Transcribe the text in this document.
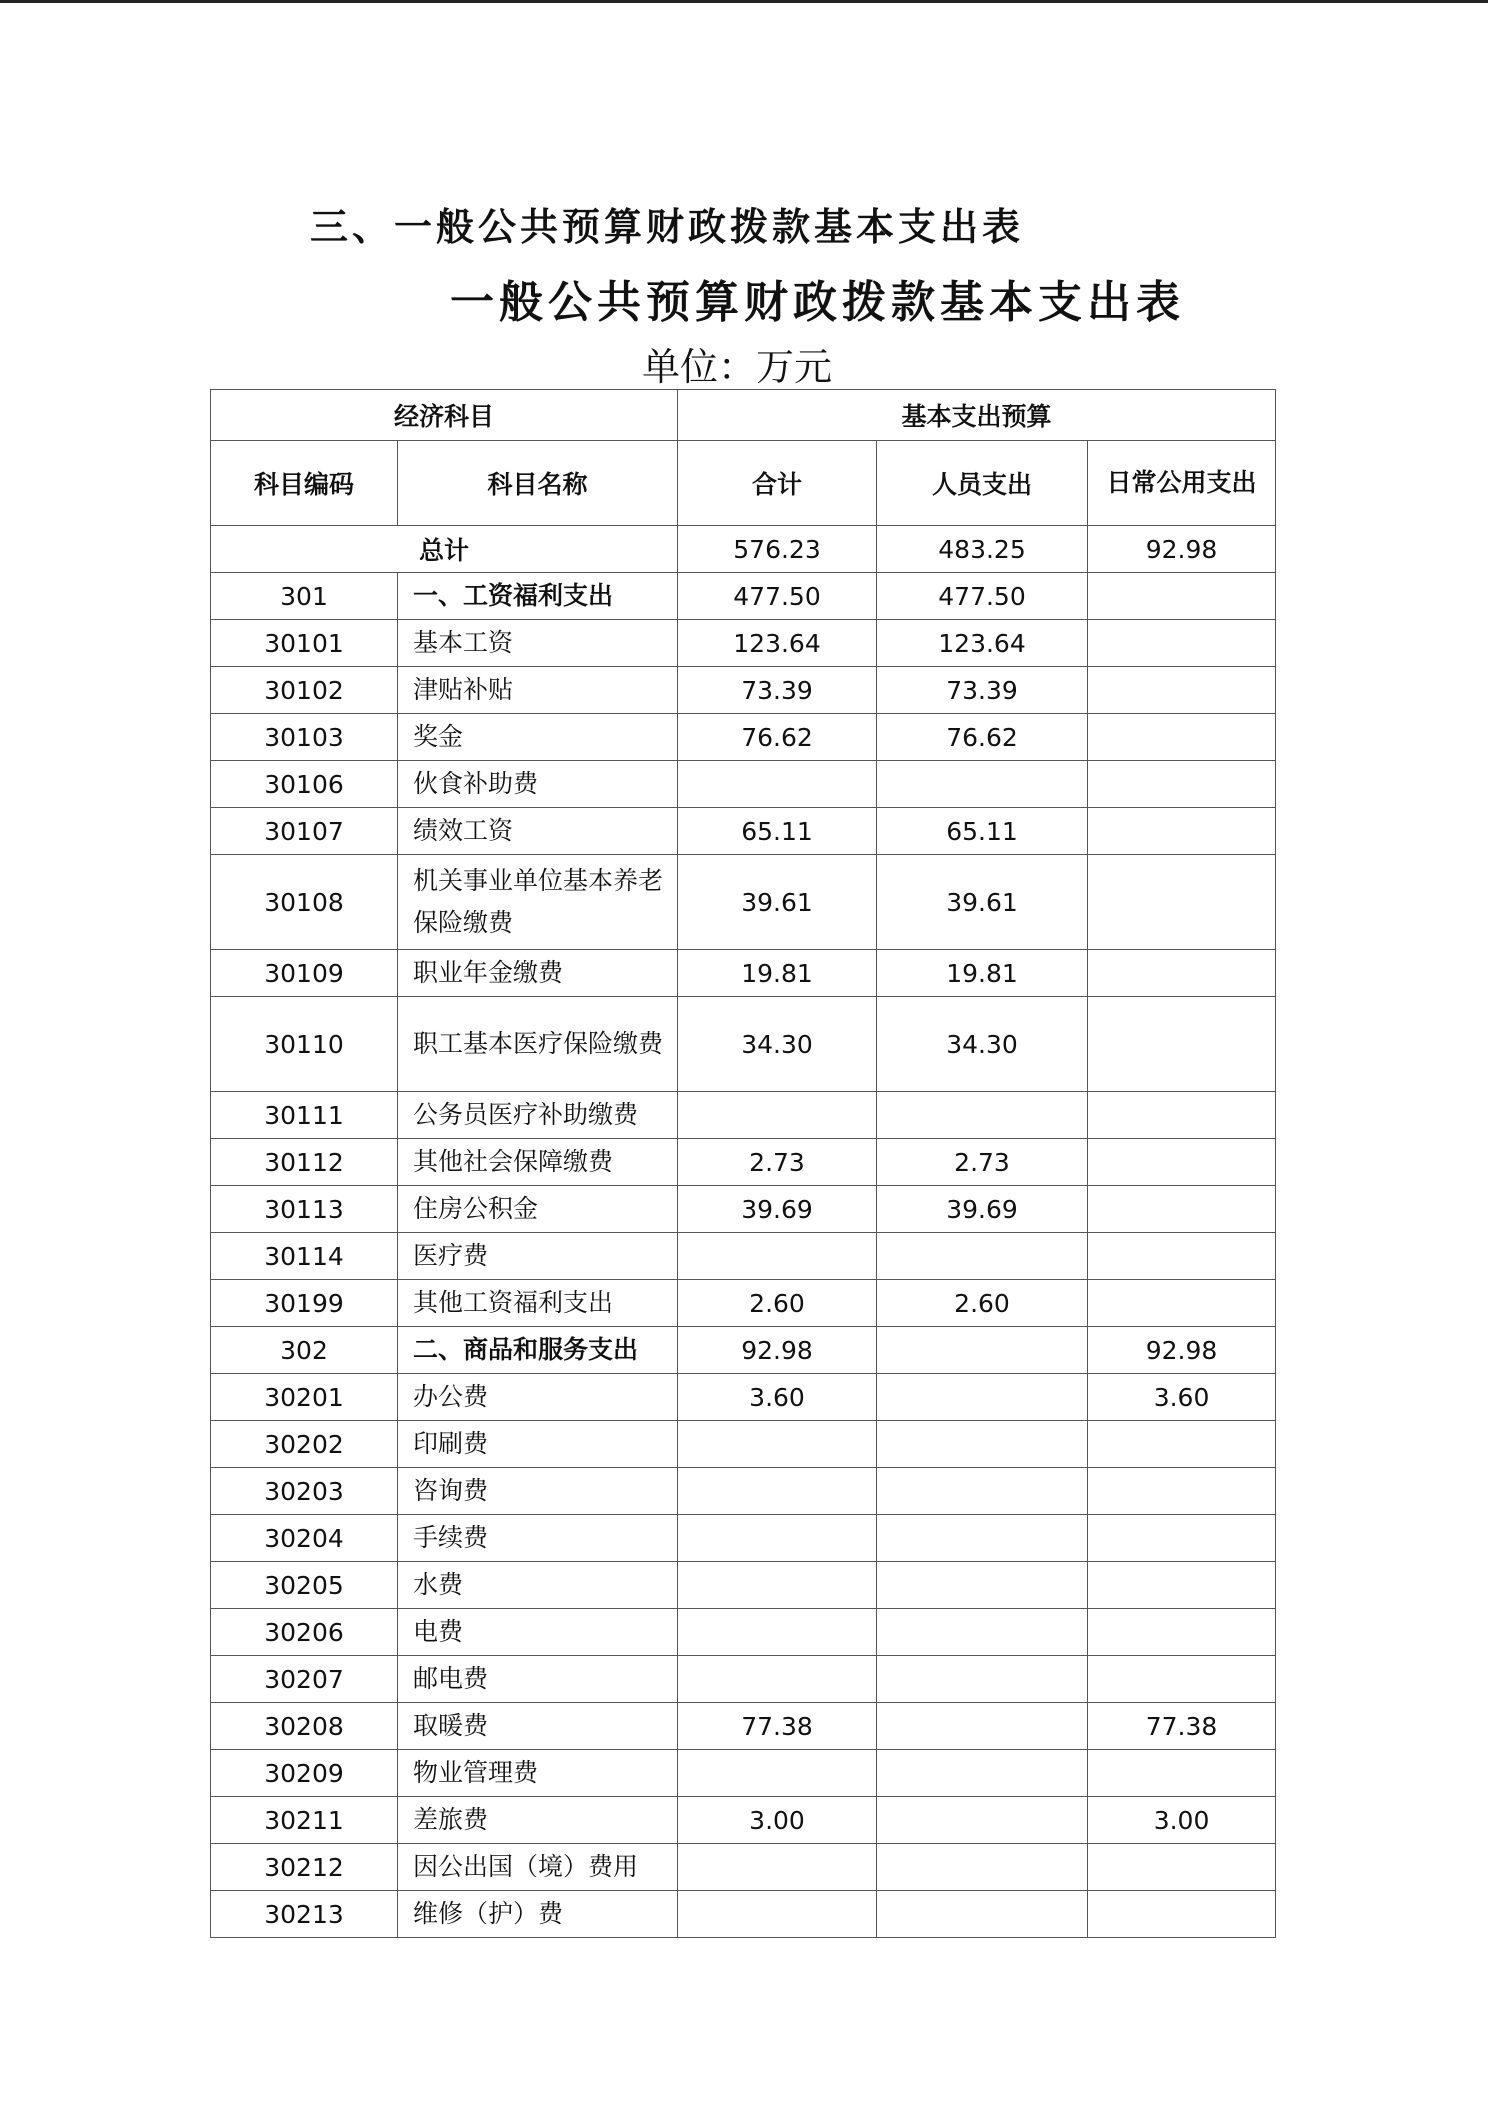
三、一般公共预算财政拨款基本支出表
一般公共预算财政拨款基本支出表
单位：万元
经济科目		基本支出预算		
科目编码	科目名称	合计	人员支出	日常公用支出
总计		576.23	483.25	92.98
301	一、工资福利支出	477.50	477.50	
30101	基本工资	123.64	123.64	
30102	津贴补贴	73.39	73.39	
30103	奖金	76.62	76.62	
30106	伙食补助费			
30107	绩效工资	65.11	65.11	
30108	机关事业单位基本养老保险缴费	39.61	39.61	
30109	职业年金缴费	19.81	19.81	
30110	职工基本医疗保险缴费	34.30	34.30	
30111	公务员医疗补助缴费			
30112	其他社会保障缴费	2.73	2.73	
30113	住房公积金	39.69	39.69	
30114	医疗费			
30199	其他工资福利支出	2.60	2.60	
302	二、商品和服务支出	92.98		92.98
30201	办公费	3.60		3.60
30202	印刷费			
30203	咨询费			
30204	手续费			
30205	水费			
30206	电费			
30207	邮电费			
30208	取暖费	77.38		77.38
30209	物业管理费			
30211	差旅费	3.00		3.00
30212	因公出国（境）费用			
30213	维修（护）费			
